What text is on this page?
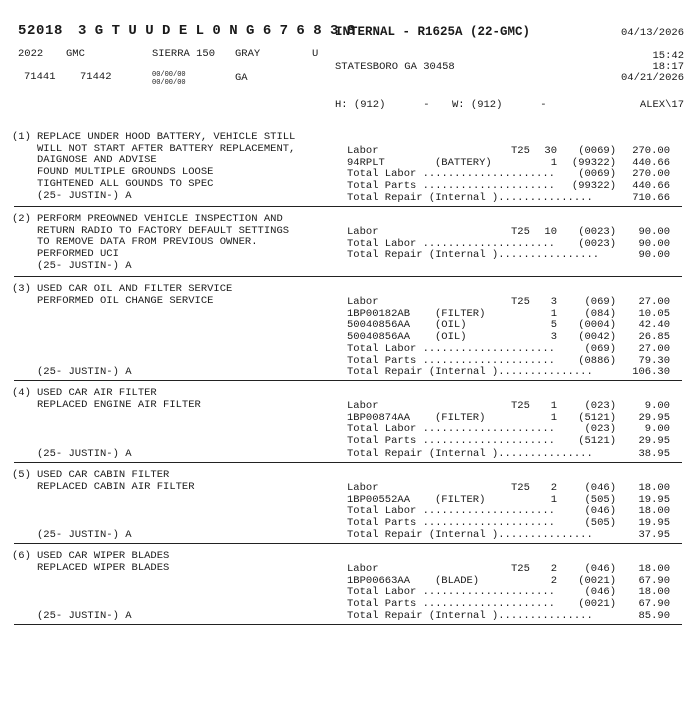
52018 3 G T U U D E L 0 N G 6 7 6 8 3 8
INTERNAL - R1625A (22-GMC)	04/13/2026
2022 GMC	SIERRA 150 GRAY	U	15:42
STATESBORO GA 30458	18:17
71441 71442	00/00/00
00/00/00	GA	04/21/2026
H: (912)      - W: (912)      -	ALEX\17
(1) REPLACE UNDER HOOD BATTERY, VEHICLE STILL
WILL NOT START AFTER BATTERY REPLACEMENT,
DAIGNOSE AND ADVISE
FOUND MULTIPLE GROUNDS LOOSE
TIGHTENED ALL GOUNDS TO SPEC
(25- JUSTIN-) A
Labor	T25	30	(0069)	270.00
94RPLT	(BATTERY)	1	(99322)	440.66
Total Labor .....................	(0069)	270.00
Total Parts .....................	(99322)	440.66
Total Repair (Internal )...............	710.66
(2) PERFORM PREOWNED VEHICLE INSPECTION AND
RETURN RADIO TO FACTORY DEFAULT SETTINGS
TO REMOVE DATA FROM PREVIOUS OWNER.
PERFORMED UCI
(25- JUSTIN-) A
Labor	T25	10	(0023)	90.00
Total Labor .....................	(0023)	90.00
Total Repair (Internal )................	90.00
(3) USED CAR OIL AND FILTER SERVICE
PERFORMED OIL CHANGE SERVICE
(25- JUSTIN-) A
Labor	T25	3	(069)	27.00
1BP00182AB (FILTER)	1	(084)	10.05
50040856AA (OIL)	5	(0004)	42.40
50040856AA (OIL)	3	(0042)	26.85
Total Labor .....................	(069)	27.00
Total Parts .....................	(0886)	79.30
Total Repair (Internal )...............	106.30
(4) USED CAR AIR FILTER
REPLACED ENGINE AIR FILTER
(25- JUSTIN-) A
Labor	T25	1	(023)	9.00
1BP00874AA (FILTER)	1	(5121)	29.95
Total Labor .....................	(023)	9.00
Total Parts .....................	(5121)	29.95
Total Repair (Internal )...............	38.95
(5) USED CAR CABIN FILTER
REPLACED CABIN AIR FILTER
(25- JUSTIN-) A
Labor	T25	2	(046)	18.00
1BP00552AA (FILTER)	1	(505)	19.95
Total Labor .....................	(046)	18.00
Total Parts .....................	(505)	19.95
Total Repair (Internal )...............	37.95
(6) USED CAR WIPER BLADES
REPLACED WIPER BLADES
(25- JUSTIN-) A
Labor	T25	2	(046)	18.00
1BP00663AA (BLADE)	2	(0021)	67.90
Total Labor .....................	(046)	18.00
Total Parts .....................	(0021)	67.90
Total Repair (Internal )...............	85.90
